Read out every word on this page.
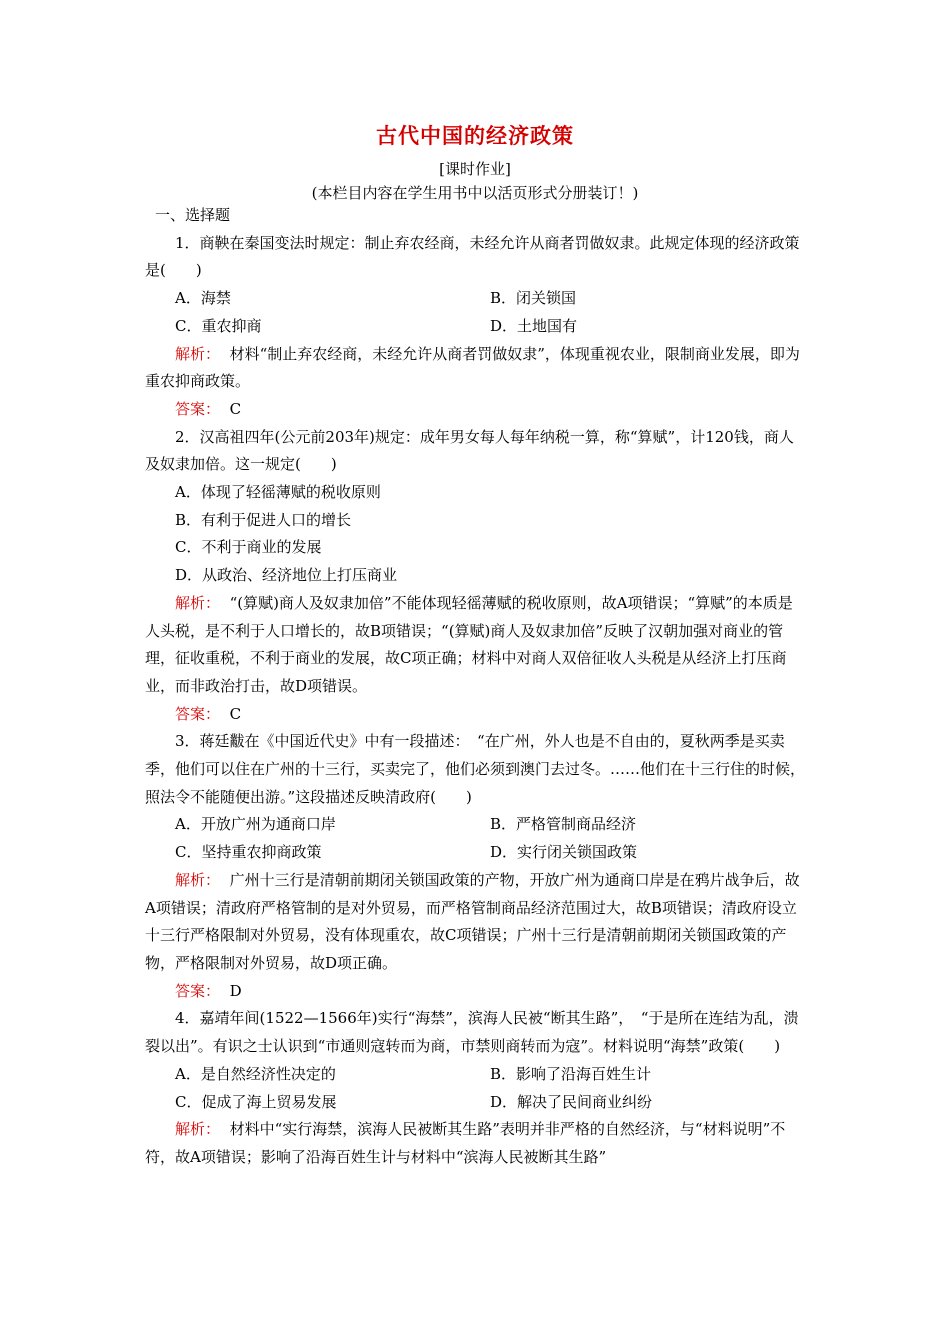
古代中国的经济政策
[课时作业]
(本栏目内容在学生用书中以活页形式分册装订！)

一、选择题

1．商鞅在秦国变法时规定：制止弃农经商，未经允许从商者罚做奴隶。此规定体现的经济政策是(　　)

A．海禁	B．闭关锁国
C．重农抑商	D．土地国有

解析： 材料“制止弃农经商，未经允许从商者罚做奴隶”，体现重视农业，限制商业发展，即为重农抑商政策。

答案： C

2．汉高祖四年(公元前203年)规定：成年男女每人每年纳税一算，称“算赋”，计120钱，商人及奴隶加倍。这一规定(　　)

A．体现了轻徭薄赋的税收原则

B．有利于促进人口的增长

C．不利于商业的发展

D．从政治、经济地位上打压商业

解析： “(算赋)商人及奴隶加倍”不能体现轻徭薄赋的税收原则，故A项错误；“算赋”的本质是人头税，是不利于人口增长的，故B项错误；“(算赋)商人及奴隶加倍”反映了汉朝加强对商业的管理，征收重税，不利于商业的发展，故C项正确；材料中对商人双倍征收人头税是从经济上打压商业，而非政治打击，故D项错误。

答案： C

3．蒋廷黻在《中国近代史》中有一段描述：　“在广州，外人也是不自由的，夏秋两季是买卖季，他们可以住在广州的十三行，买卖完了，他们必须到澳门去过冬。……他们在十三行住的时候，照法令不能随便出游。”这段描述反映清政府(　　)

A．开放广州为通商口岸	B．严格管制商品经济
C．坚持重农抑商政策	D．实行闭关锁国政策

解析： 广州十三行是清朝前期闭关锁国政策的产物，开放广州为通商口岸是在鸦片战争后，故A项错误；清政府严格管制的是对外贸易，而严格管制商品经济范围过大，故B项错误；清政府设立十三行严格限制对外贸易，没有体现重农，故C项错误；广州十三行是清朝前期闭关锁国政策的产物，严格限制对外贸易，故D项正确。

答案： D

4．嘉靖年间(1522—1566年)实行“海禁”，滨海人民被“断其生路”，　“于是所在连结为乱，溃裂以出”。有识之士认识到“市通则寇转而为商，市禁则商转而为寇”。材料说明“海禁”政策(　　)

A．是自然经济性决定的	B．影响了沿海百姓生计
C．促成了海上贸易发展	D．解决了民间商业纠纷

解析： 材料中“实行海禁，滨海人民被断其生路”表明并非严格的自然经济，与“材料说明”不符，故A项错误；影响了沿海百姓生计与材料中“滨海人民被断其生路”
